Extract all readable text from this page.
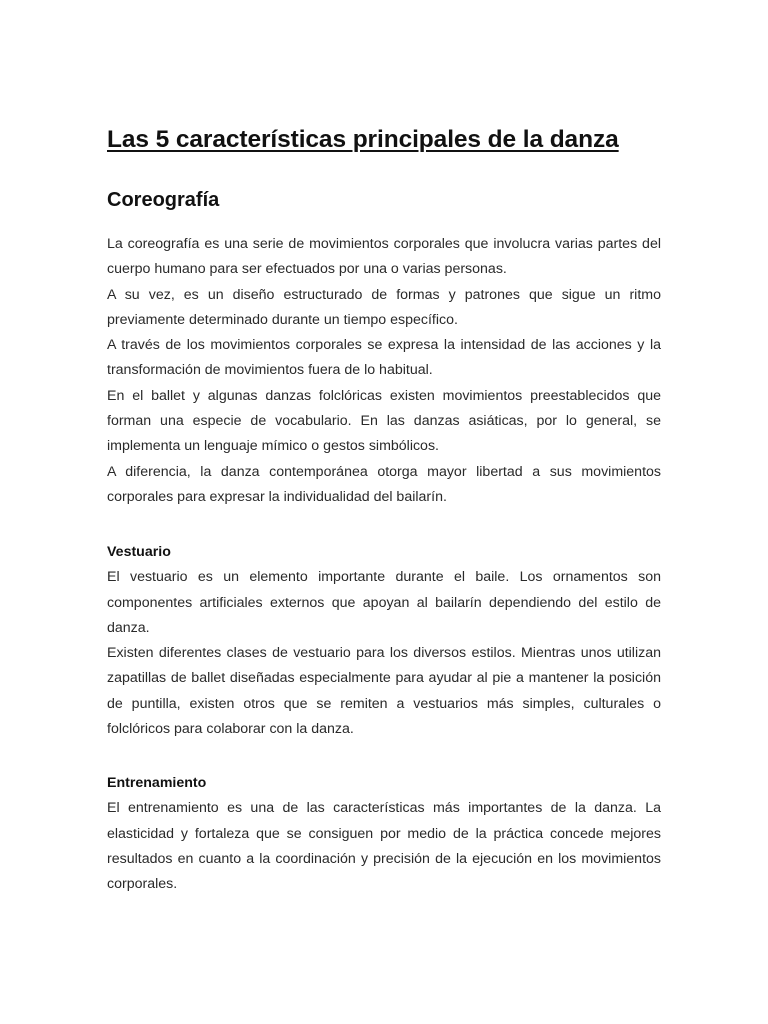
Las 5 características principales de la danza
Coreografía

La coreografía es una serie de movimientos corporales que involucra varias partes del cuerpo humano para ser efectuados por una o varias personas.

A su vez, es un diseño estructurado de formas y patrones que sigue un ritmo previamente determinado durante un tiempo específico.

A través de los movimientos corporales se expresa la intensidad de las acciones y la transformación de movimientos fuera de lo habitual.

En el ballet y algunas danzas folclóricas existen movimientos preestablecidos que forman una especie de vocabulario. En las danzas asiáticas, por lo general, se implementa un lenguaje mímico o gestos simbólicos.

A diferencia, la danza contemporánea otorga mayor libertad a sus movimientos corporales para expresar la individualidad del bailarín.

Vestuario

El vestuario es un elemento importante durante el baile. Los ornamentos son componentes artificiales externos que apoyan al bailarín dependiendo del estilo de danza.

Existen diferentes clases de vestuario para los diversos estilos. Mientras unos utilizan zapatillas de ballet diseñadas especialmente para ayudar al pie a mantener la posición de puntilla, existen otros que se remiten a vestuarios más simples, culturales o folclóricos para colaborar con la danza.

Entrenamiento

El entrenamiento es una de las características más importantes de la danza. La elasticidad y fortaleza que se consiguen por medio de la práctica concede mejores resultados en cuanto a la coordinación y precisión de la ejecución en los movimientos corporales.
